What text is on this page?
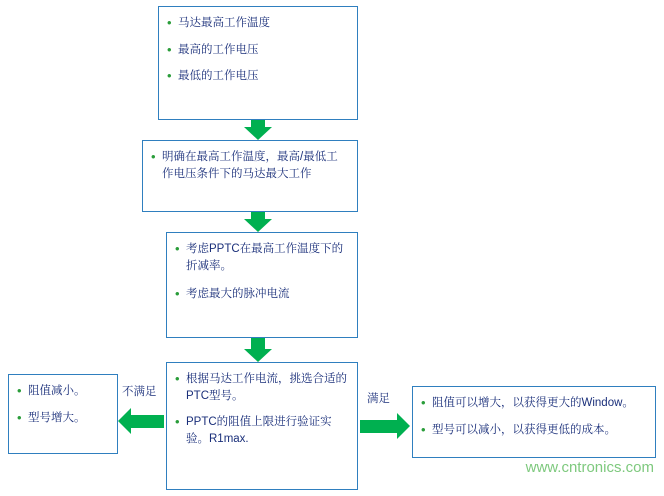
• 马达最高工作温度
• 最高的工作电压
• 最低的工作电压
• 明确在最高工作温度，最高/最低工作电压条件下的马达最大工作
• 考虑PPTC在最高工作温度下的折减率。
• 考虑最大的脉冲电流
• 根据马达工作电流，挑选合适的PTC型号。
• PPTC的阻值上限进行验证实验。R1max.
不满足
• 阻值减小。
• 型号增大。
满足	• 阻值可以增大，以获得更大的Window。
• 型号可以减小，以获得更低的成本。
www.cntronics.com
